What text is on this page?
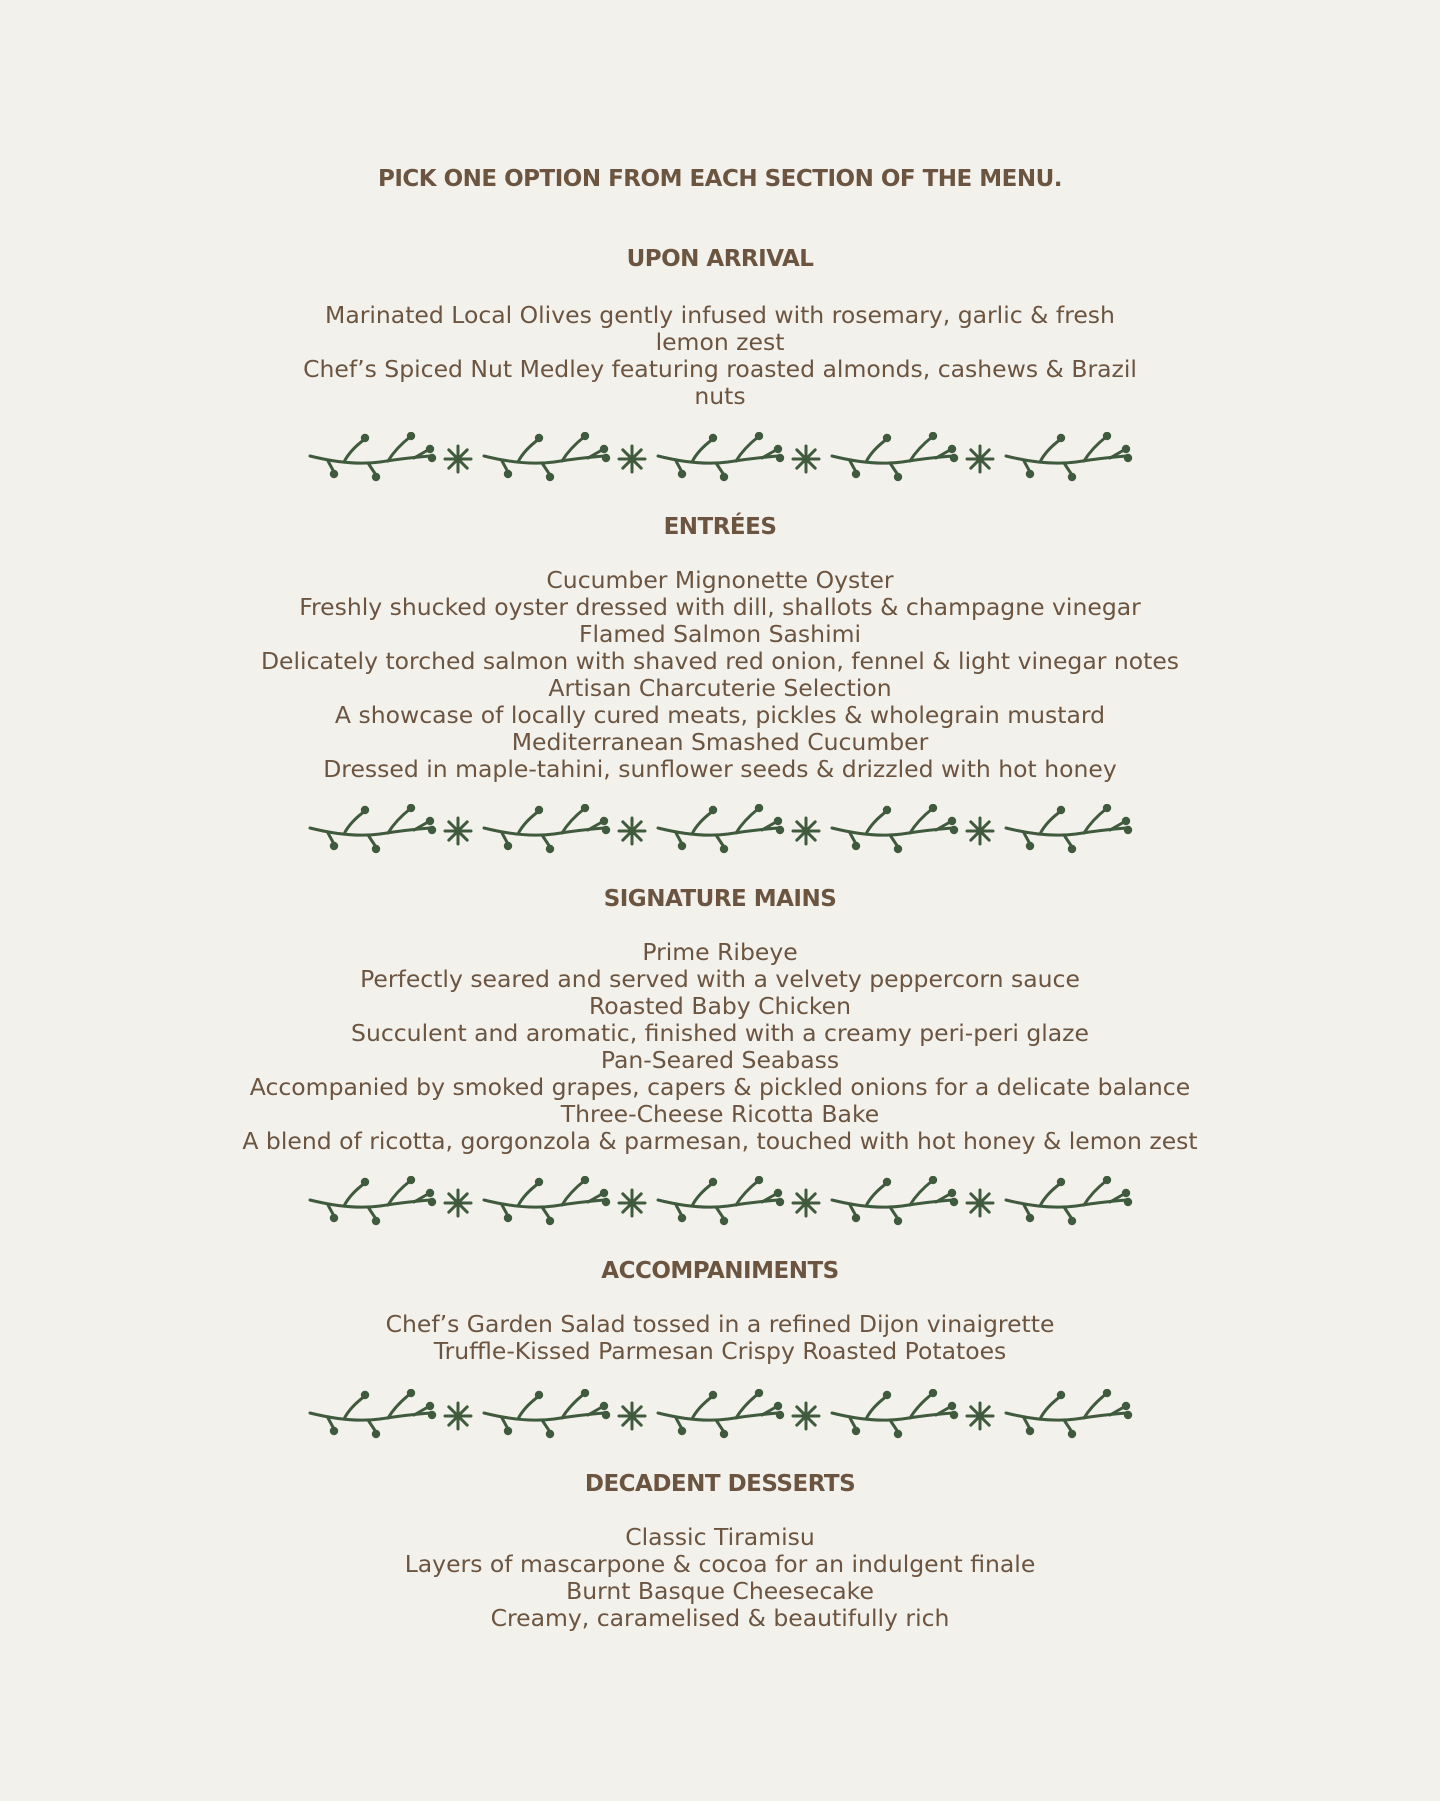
PICK ONE OPTION FROM EACH SECTION OF THE MENU.
UPON ARRIVAL
Marinated Local Olives gently infused with rosemary, garlic & fresh lemon zest
Chef’s Spiced Nut Medley featuring roasted almonds, cashews & Brazil nuts
ENTRÉES
Cucumber Mignonette Oyster
Freshly shucked oyster dressed with dill, shallots & champagne vinegar
Flamed Salmon Sashimi
Delicately torched salmon with shaved red onion, fennel & light vinegar notes
Artisan Charcuterie Selection
A showcase of locally cured meats, pickles & wholegrain mustard
Mediterranean Smashed Cucumber
Dressed in maple-tahini, sunflower seeds & drizzled with hot honey
SIGNATURE MAINS
Prime Ribeye
Perfectly seared and served with a velvety peppercorn sauce
Roasted Baby Chicken
Succulent and aromatic, finished with a creamy peri-peri glaze
Pan-Seared Seabass
Accompanied by smoked grapes, capers & pickled onions for a delicate balance
Three-Cheese Ricotta Bake
A blend of ricotta, gorgonzola & parmesan, touched with hot honey & lemon zest
ACCOMPANIMENTS
Chef’s Garden Salad tossed in a refined Dijon vinaigrette
Truffle-Kissed Parmesan Crispy Roasted Potatoes
DECADENT DESSERTS
Classic Tiramisu
Layers of mascarpone & cocoa for an indulgent finale
Burnt Basque Cheesecake
Creamy, caramelised & beautifully rich
